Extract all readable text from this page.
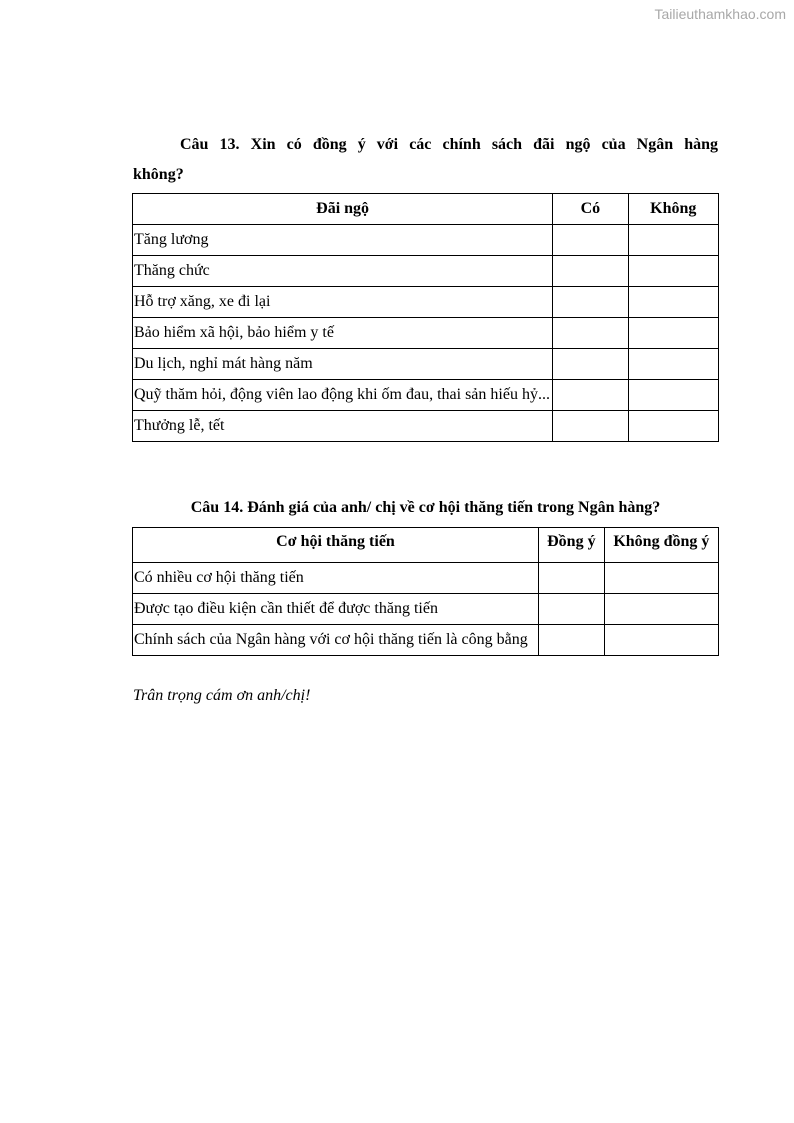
Tailieuthamkhao.com
Câu 13. Xin có đồng ý với các chính sách đãi ngộ của Ngân hàng
không?
Đãi ngộ	Có	Không
Tăng lương		
Thăng chức		
Hỗ trợ xăng, xe đi lại		
Bảo hiểm xã hội, bảo hiểm y tế		
Du lịch, nghỉ mát hàng năm		
Quỹ thăm hỏi, động viên lao động khi ốm đau, thai sản hiếu hỷ...		
Thưởng lễ, tết		
Câu 14. Đánh giá của anh/ chị về cơ hội thăng tiến trong Ngân hàng?
Cơ hội thăng tiến	Đồng ý	Không đồng ý
Có nhiều cơ hội thăng tiến		
Được tạo điều kiện cần thiết để được thăng tiến		
Chính sách của Ngân hàng với cơ hội thăng tiến là công bằng		
Trân trọng cám ơn anh/chị!
